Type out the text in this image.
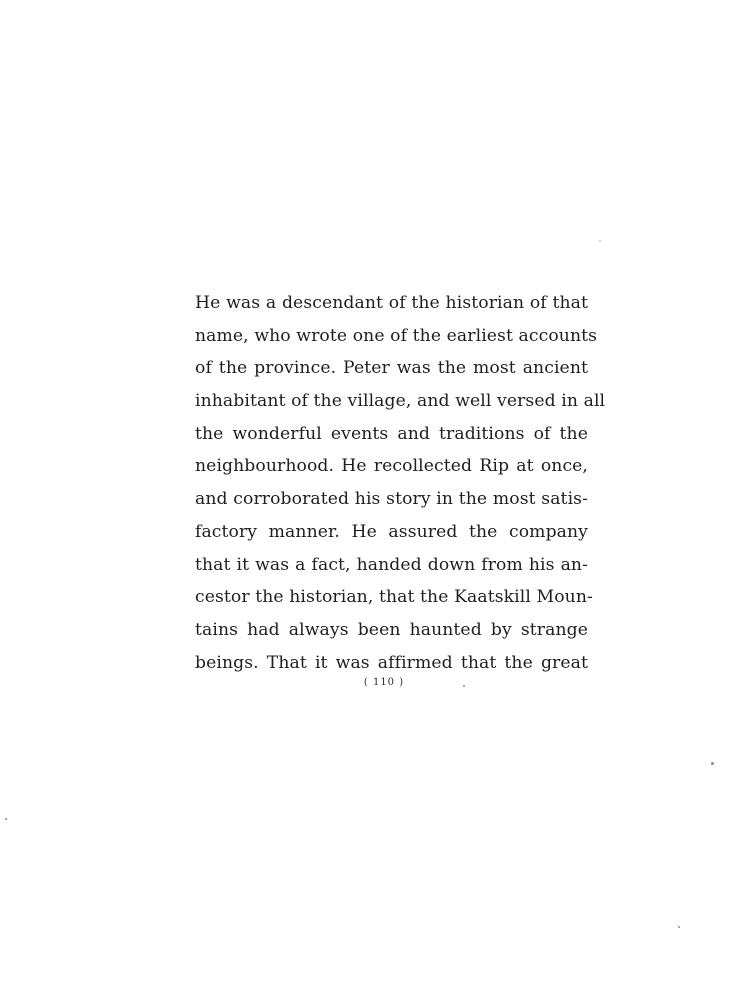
He was a descendant of the historian of that
name, who wrote one of the earliest accounts
of the province. Peter was the most ancient
inhabitant of the village, and well versed in all
the wonderful events and traditions of the
neighbourhood. He recollected Rip at once,
and corroborated his story in the most satis-
factory manner. He assured the company
that it was a fact, handed down from his an-
cestor the historian, that the Kaatskill Moun-
tains had always been haunted by strange
beings. That it was affirmed that the great
( 110 )
